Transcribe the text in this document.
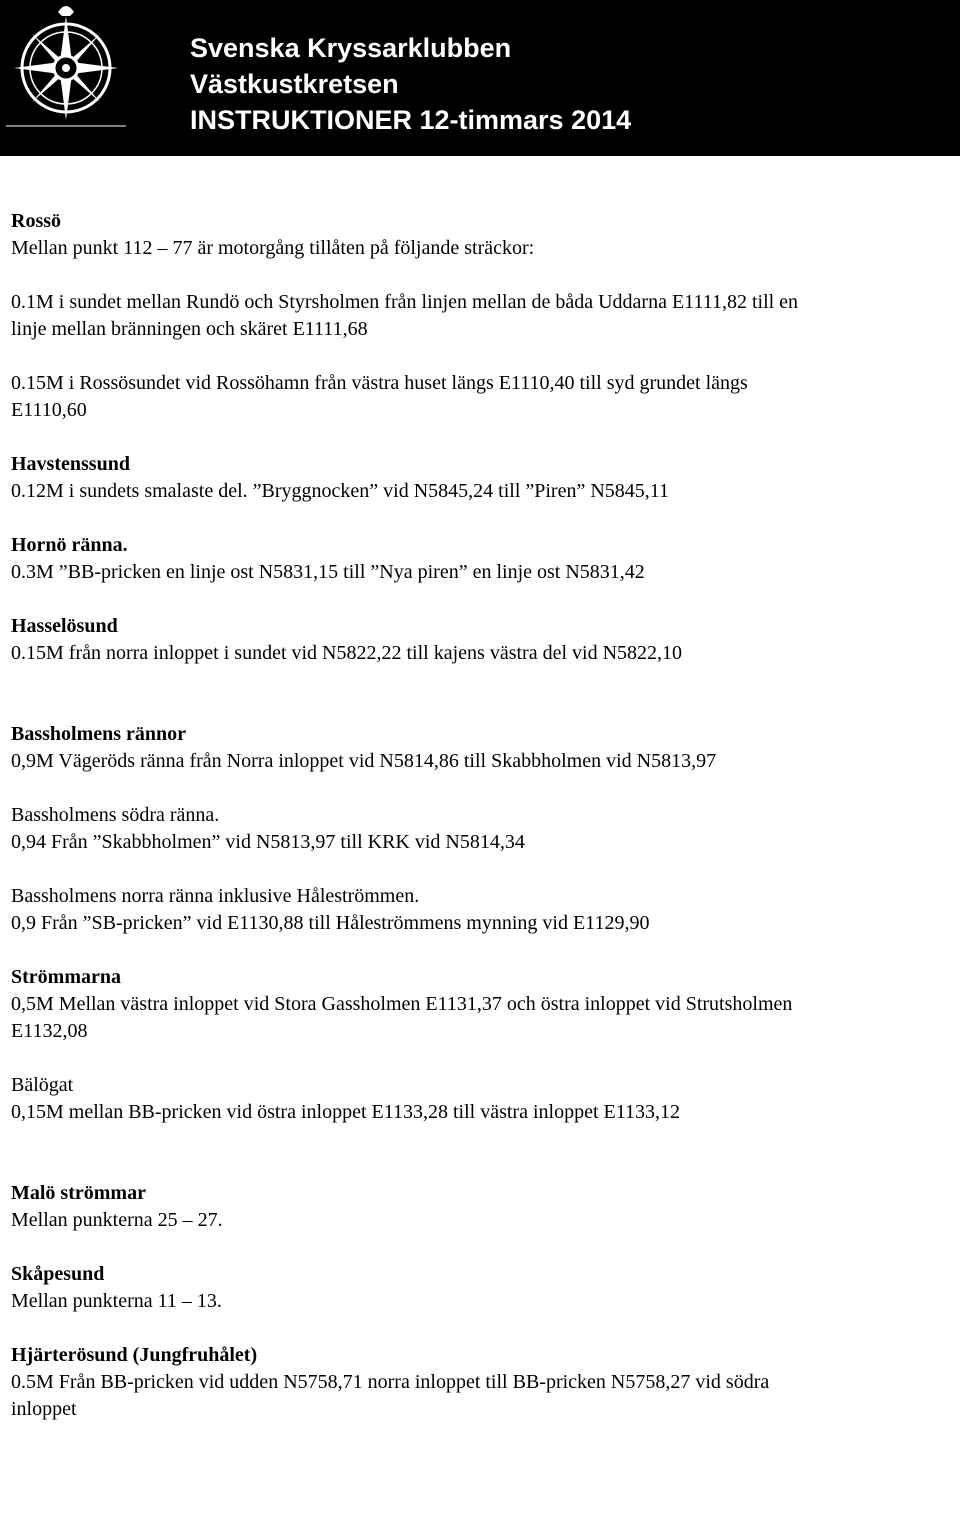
Svenska Kryssarklubben
Västkustkretsen
INSTRUKTIONER 12-timmars 2014

Rossö

Mellan punkt 112 – 77 är motorgång tillåten på följande sträckor:

0.1M i sundet mellan Rundö och Styrsholmen från linjen mellan de båda Uddarna E1111,82 till en

linje mellan bränningen och skäret E1111,68

0.15M i Rossösundet vid Rossöhamn från västra huset längs E1110,40 till syd grundet längs

E1110,60

Havstenssund

0.12M i sundets smalaste del. ”Bryggnocken” vid N5845,24 till ”Piren” N5845,11

Hornö ränna.

0.3M ”BB-pricken en linje ost N5831,15 till ”Nya piren” en linje ost N5831,42

Hasselösund

0.15M från norra inloppet i sundet vid N5822,22 till kajens västra del vid N5822,10

Bassholmens rännor

0,9M Vägeröds ränna från Norra inloppet vid N5814,86 till Skabbholmen vid N5813,97

Bassholmens södra ränna.

0,94 Från ”Skabbholmen” vid N5813,97 till KRK vid N5814,34

Bassholmens norra ränna inklusive Håleströmmen.

0,9 Från ”SB-pricken” vid E1130,88 till Håleströmmens mynning vid E1129,90

Strömmarna

0,5M Mellan västra inloppet vid Stora Gassholmen E1131,37 och östra inloppet vid Strutsholmen

E1132,08

Bälögat

0,15M mellan BB-pricken vid östra inloppet E1133,28 till västra inloppet E1133,12

Malö strömmar

Mellan punkterna 25 – 27.

Skåpesund

Mellan punkterna 11 – 13.

Hjärterösund (Jungfruhålet)

0.5M Från BB-pricken vid udden N5758,71 norra inloppet till BB-pricken N5758,27 vid södra

inloppet
